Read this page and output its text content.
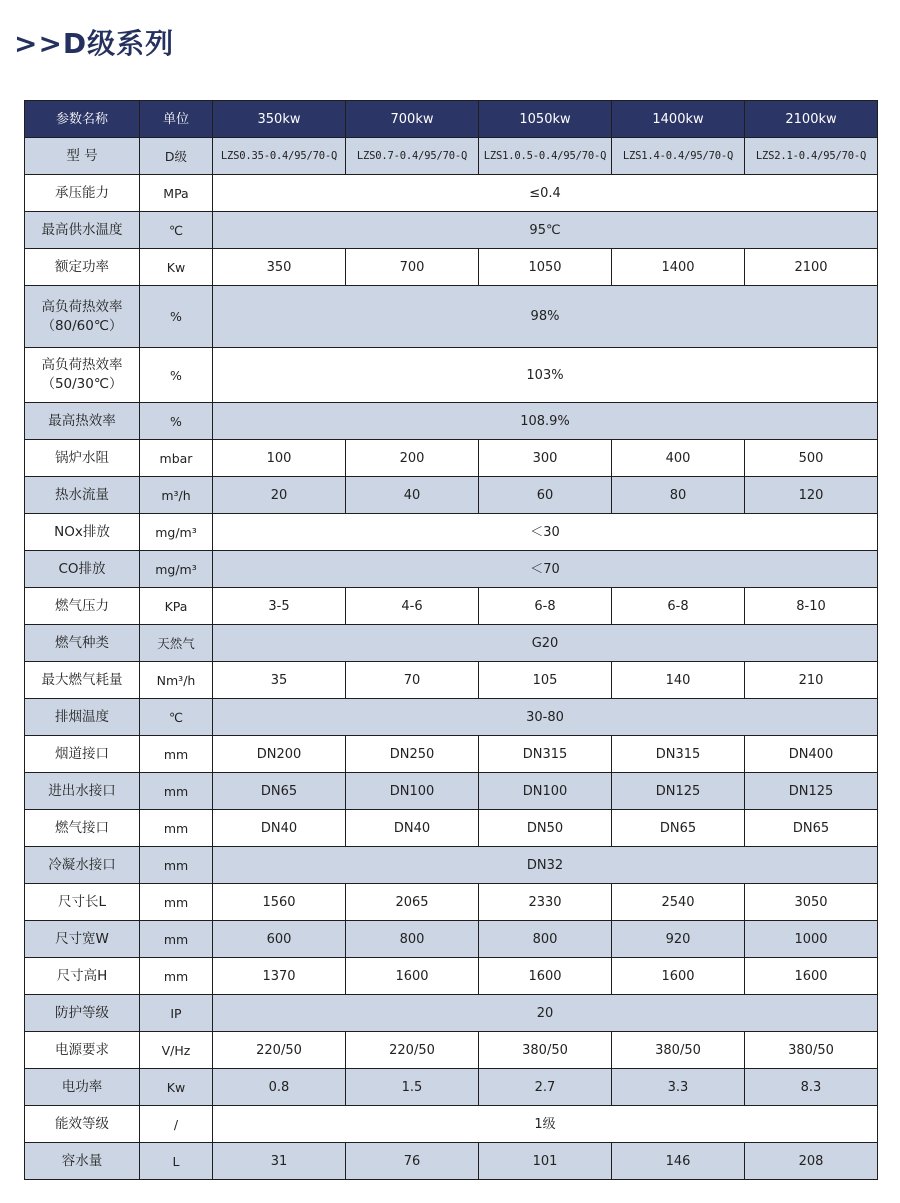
>>D级系列
参数名称	单位	350kw	700kw	1050kw	1400kw	2100kw

型 号	D级	LZS0.35-0.4/95/70-Q	LZS0.7-0.4/95/70-Q	LZS1.0.5-0.4/95/70-Q	LZS1.4-0.4/95/70-Q	LZS2.1-0.4/95/70-Q

承压能力	MPa	≤0.4				

最高供水温度	℃	95℃				

额定功率	Kw	350	700	1050	1400	2100

高负荷热效率
（80/60℃）	%	98%				

高负荷热效率
（50/30℃）	%	103%				

最高热效率	%	108.9%				

锅炉水阻	mbar	100	200	300	400	500

热水流量	m³/h	20	40	60	80	120

NOx排放	mg/m³	＜30				

CO排放	mg/m³	＜70				

燃气压力	KPa	3-5	4-6	6-8	6-8	8-10

燃气种类	天然气	G20				

最大燃气耗量	Nm³/h	35	70	105	140	210

排烟温度	℃	30-80				

烟道接口	mm	DN200	DN250	DN315	DN315	DN400

进出水接口	mm	DN65	DN100	DN100	DN125	DN125

燃气接口	mm	DN40	DN40	DN50	DN65	DN65

冷凝水接口	mm	DN32				

尺寸长L	mm	1560	2065	2330	2540	3050

尺寸宽W	mm	600	800	800	920	1000

尺寸高H	mm	1370	1600	1600	1600	1600

防护等级	IP	20				

电源要求	V/Hz	220/50	220/50	380/50	380/50	380/50

电功率	Kw	0.8	1.5	2.7	3.3	8.3

能效等级	/	1级				

容水量	L	31	76	101	146	208
